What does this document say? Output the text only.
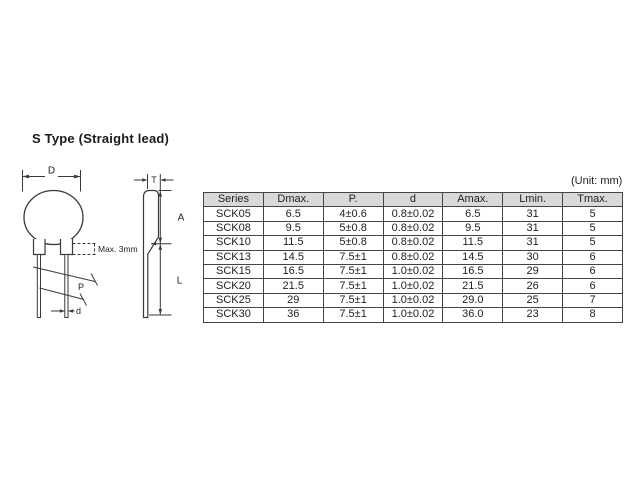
S Type (Straight lead)
(Unit: mm)
D
Max. 3mm
P
d
T
A
L
Series	Dmax.	P.	d	Amax.	Lmin.	Tmax.
SCK05	6.5	4±0.6	0.8±0.02	6.5	31	5
SCK08	9.5	5±0.8	0.8±0.02	9.5	31	5
SCK10	11.5	5±0.8	0.8±0.02	11.5	31	5
SCK13	14.5	7.5±1	0.8±0.02	14.5	30	6
SCK15	16.5	7.5±1	1.0±0.02	16.5	29	6
SCK20	21.5	7.5±1	1.0±0.02	21.5	26	6
SCK25	29	7.5±1	1.0±0.02	29.0	25	7
SCK30	36	7.5±1	1.0±0.02	36.0	23	8
